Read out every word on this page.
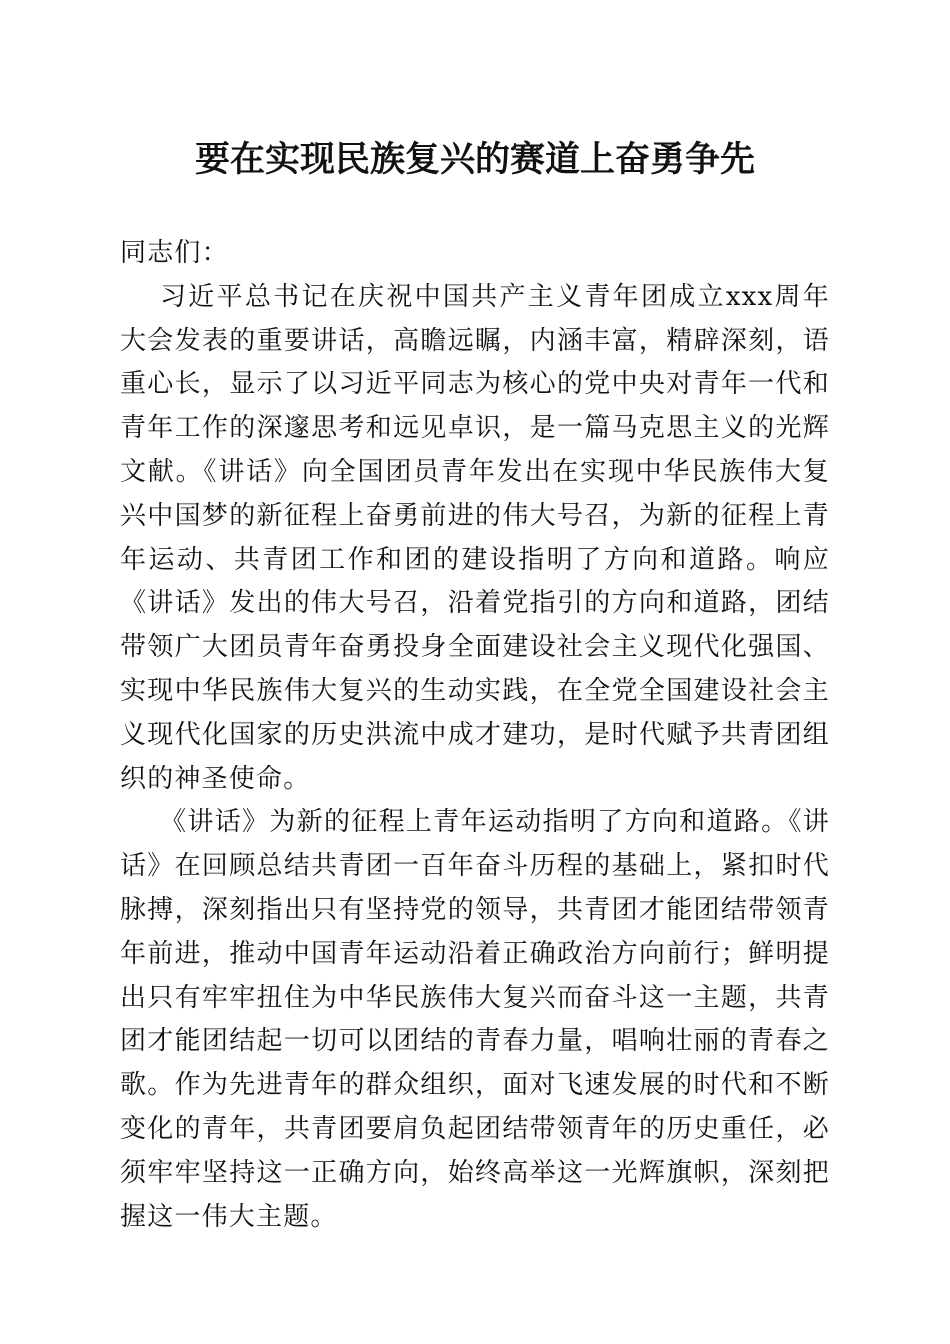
要在实现民族复兴的赛道上奋勇争先

同志们：

习近平总书记在庆祝中国共产主义青年团成立xxx周年大会发表的重要讲话，高瞻远瞩，内涵丰富，精辟深刻，语重心长，显示了以习近平同志为核心的党中央对青年一代和青年工作的深邃思考和远见卓识，是一篇马克思主义的光辉文献。《讲话》向全国团员青年发出在实现中华民族伟大复兴中国梦的新征程上奋勇前进的伟大号召，为新的征程上青年运动、共青团工作和团的建设指明了方向和道路。响应《讲话》发出的伟大号召，沿着党指引的方向和道路，团结带领广大团员青年奋勇投身全面建设社会主义现代化强国、实现中华民族伟大复兴的生动实践，在全党全国建设社会主义现代化国家的历史洪流中成才建功，是时代赋予共青团组织的神圣使命。

《讲话》为新的征程上青年运动指明了方向和道路。《讲话》在回顾总结共青团一百年奋斗历程的基础上，紧扣时代脉搏，深刻指出只有坚持党的领导，共青团才能团结带领青年前进，推动中国青年运动沿着正确政治方向前行；鲜明提出只有牢牢扭住为中华民族伟大复兴而奋斗这一主题，共青团才能团结起一切可以团结的青春力量，唱响壮丽的青春之歌。作为先进青年的群众组织，面对飞速发展的时代和不断变化的青年，共青团要肩负起团结带领青年的历史重任，必须牢牢坚持这一正确方向，始终高举这一光辉旗帜，深刻把握这一伟大主题。
